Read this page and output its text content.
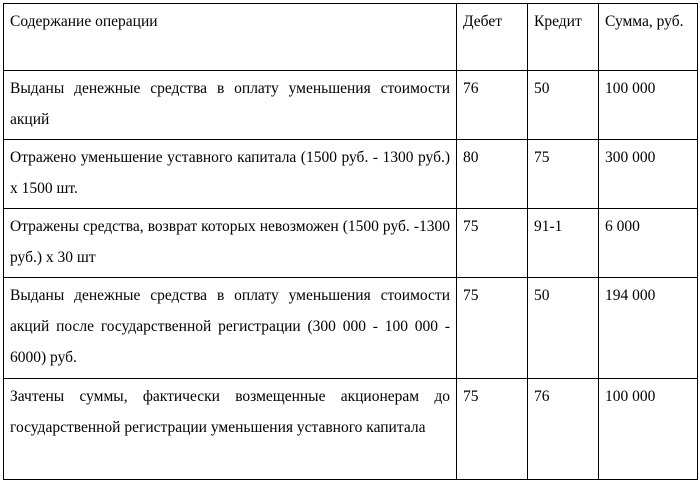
Содержание операции	Дебет	Кредит	Сумма, руб.
Выданы денежные средства в оплату уменьшения стоимости акций	76	50	100 000
Отражено уменьшение уставного капитала (1500 руб. - 1300 руб.) х 1500 шт.	80	75	300 000
Отражены средства, возврат которых невозможен (1500 руб. -1300 руб.) х 30 шт	75	91-1	6 000
Выданы денежные средства в оплату уменьшения стоимости акций после государственной регистрации (300 000 - 100 000 - 6000) руб.	75	50	194 000
Зачтены суммы, фактически возмещенные акционерам до государственной регистрации уменьшения уставного капитала	75	76	100 000
